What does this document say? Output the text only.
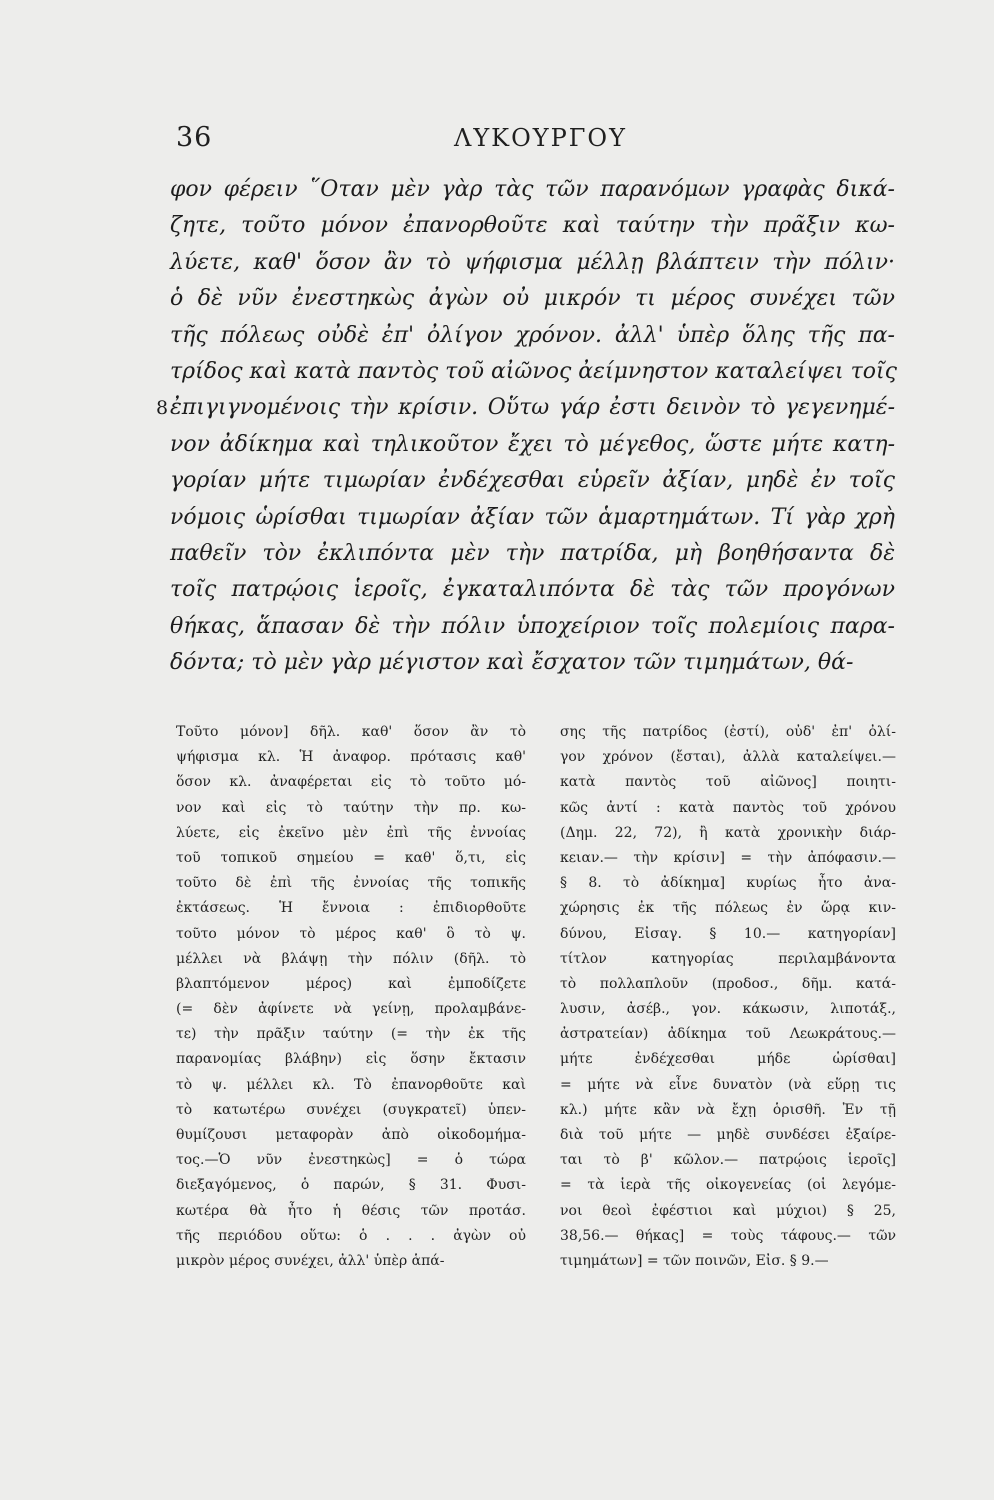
36	ΛΥΚΟΥΡΓΟΥ
φον φέρειν ῞Οταν μὲν γὰρ τὰς τῶν παρανόμων γραφὰς δικά-
ζητε, τοῦτο μόνον ἐπανορθοῦτε καὶ ταύτην τὴν πρᾶξιν κω-
λύετε, καθ' ὅσον ἂν τὸ ψήφισμα μέλλῃ βλάπτειν τὴν πόλιν·
ὁ δὲ νῦν ἐνεστηκὼς ἀγὼν οὐ μικρόν τι μέρος συνέχει τῶν
τῆς πόλεως οὐδὲ ἐπ' ὀλίγον χρόνον. ἀλλ' ὑπὲρ ὅλης τῆς πα-
τρίδος καὶ κατὰ παντὸς τοῦ αἰῶνος ἀείμνηστον καταλείψει τοῖς
8 ἐπιγιγνομένοις τὴν κρίσιν. Οὕτω γάρ ἐστι δεινὸν τὸ γεγενημέ-
νον ἀδίκημα καὶ τηλικοῦτον ἔχει τὸ μέγεθος, ὥστε μήτε κατη-
γορίαν μήτε τιμωρίαν ἐνδέχεσθαι εὑρεῖν ἀξίαν, μηδὲ ἐν τοῖς
νόμοις ὡρίσθαι τιμωρίαν ἀξίαν τῶν ἁμαρτημάτων. Τί γὰρ χρὴ
παθεῖν τὸν ἐκλιπόντα μὲν τὴν πατρίδα, μὴ βοηθήσαντα δὲ
τοῖς πατρῴοις ἱεροῖς, ἐγκαταλιπόντα δὲ τὰς τῶν προγόνων
θήκας, ἅπασαν δὲ τὴν πόλιν ὑποχείριον τοῖς πολεμίοις παρα-
δόντα; τὸ μὲν γὰρ μέγιστον καὶ ἔσχατον τῶν τιμημάτων, θά-
Τοῦτο μόνον] δῆλ. καθ' ὅσον ἂν τὸ
ψήφισμα κλ. Ἡ ἀναφορ. πρότασις καθ'
ὅσον κλ. ἀναφέρεται εἰς τὸ τοῦτο μό-
νον καὶ εἰς τὸ ταύτην τὴν πρ. κω-
λύετε, εἰς ἐκεῖνο μὲν ἐπὶ τῆς ἐννοίας
τοῦ τοπικοῦ σημείου = καθ' ὅ,τι, εἰς
τοῦτο δὲ ἐπὶ τῆς ἐννοίας τῆς τοπικῆς
ἐκτάσεως. Ἡ ἔννοια : ἐπιδιορθοῦτε
τοῦτο μόνον τὸ μέρος καθ' ὃ τὸ ψ.
μέλλει νὰ βλάψῃ τὴν πόλιν (δῆλ. τὸ
βλαπτόμενον μέρος) καὶ ἐμποδίζετε
(= δὲν ἀφίνετε νὰ γείνῃ, προλαμβάνε-
τε) τὴν πρᾶξιν ταύτην (= τὴν ἐκ τῆς
παρανομίας βλάβην) εἰς ὅσην ἔκτασιν
τὸ ψ. μέλλει κλ. Τὸ ἐπανορθοῦτε καὶ
τὸ κατωτέρω συνέχει (συγκρατεῖ) ὑπεν-
θυμίζουσι μεταφορὰν ἀπὸ οἰκοδομήμα-
τος.—Ὁ νῦν ἐνεστηκὼς] = ὁ τώρα
διεξαγόμενος, ὁ παρών, § 31. Φυσι-
κωτέρα θὰ ἦτο ἡ θέσις τῶν προτάσ.
τῆς περιόδου οὕτω: ὁ . . . ἀγὼν οὐ
μικρὸν μέρος συνέχει, ἀλλ' ὑπὲρ ἁπά-
σης τῆς πατρίδος (ἐστί), οὐδ' ἐπ' ὀλί-
γον χρόνον (ἔσται), ἀλλὰ καταλείψει.—
κατὰ παντὸς τοῦ αἰῶνος] ποιητι-
κῶς ἀντί : κατὰ παντὸς τοῦ χρόνου
(Δημ. 22, 72), ἢ κατὰ χρονικὴν διάρ-
κειαν.— τὴν κρίσιν] = τὴν ἀπόφασιν.—
§ 8. τὸ ἀδίκημα] κυρίως ἦτο ἀνα-
χώρησις ἐκ τῆς πόλεως ἐν ὥρᾳ κιν-
δύνου, Εἰσαγ. § 10.— κατηγορίαν]
τίτλον κατηγορίας περιλαμβάνοντα
τὸ πολλαπλοῦν (προδοσ., δῆμ. κατά-
λυσιν, ἀσέβ., γον. κάκωσιν, λιποτάξ.,
ἀστρατείαν) ἀδίκημα τοῦ Λεωκράτους.—
μήτε ἐνδέχεσθαι μήδε ὡρίσθαι]
= μήτε νὰ εἶνε δυνατὸν (νὰ εὕρῃ τις
κλ.) μήτε κἂν νὰ ἔχῃ ὁρισθῆ. Ἐν τῇ
διὰ τοῦ μήτε — μηδὲ συνδέσει ἐξαίρε-
ται τὸ β' κῶλον.— πατρῴοις ἱεροῖς]
= τὰ ἱερὰ τῆς οἰκογενείας (οἱ λεγόμε-
νοι θεοὶ ἐφέστιοι καὶ μύχιοι) § 25,
38,56.— θήκας] = τοὺς τάφους.— τῶν
τιμημάτων] = τῶν ποινῶν, Εἰσ. § 9.—
